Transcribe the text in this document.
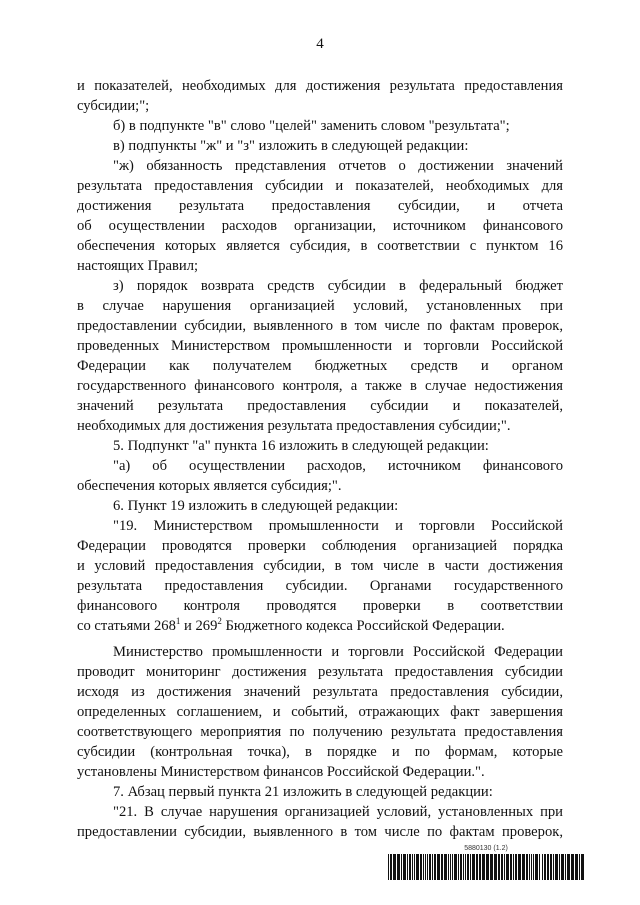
4

и показателей, необходимых для достижения результата предоставления

субсидии;";

б) в подпункте "в" слово "целей" заменить словом "результата";

в) подпункты "ж" и "з" изложить в следующей редакции:

"ж) обязанность представления отчетов о достижении значений

результата предоставления субсидии и показателей, необходимых для

достижения результата предоставления субсидии, и отчета

об осуществлении расходов организации, источником финансового

обеспечения которых является субсидия, в соответствии с пунктом 16

настоящих Правил;

з) порядок возврата средств субсидии в федеральный бюджет

в случае нарушения организацией условий, установленных при

предоставлении субсидии, выявленного в том числе по фактам проверок,

проведенных Министерством промышленности и торговли Российской

Федерации как получателем бюджетных средств и органом

государственного финансового контроля, а также в случае недостижения

значений результата предоставления субсидии и показателей,

необходимых для достижения результата предоставления субсидии;".

5. Подпункт "а" пункта 16 изложить в следующей редакции:

"а) об осуществлении расходов, источником финансового

обеспечения которых является субсидия;".

6. Пункт 19 изложить в следующей редакции:

"19. Министерством промышленности и торговли Российской

Федерации проводятся проверки соблюдения организацией порядка

и условий предоставления субсидии, в том числе в части достижения

результата предоставления субсидии. Органами государственного

финансового контроля проводятся проверки в соответствии

со статьями $268^1$ и $269^2$ Бюджетного кодекса Российской Федерации.

Министерство промышленности и торговли Российской Федерации

проводит мониторинг достижения результата предоставления субсидии

исходя из достижения значений результата предоставления субсидии,

определенных соглашением, и событий, отражающих факт завершения

соответствующего мероприятия по получению результата предоставления

субсидии (контрольная точка), в порядке и по формам, которые

установлены Министерством финансов Российской Федерации.".

7. Абзац первый пункта 21 изложить в следующей редакции:

"21. В случае нарушения организацией условий, установленных при

предоставлении субсидии, выявленного в том числе по фактам проверок,

5880130 (1.2)
